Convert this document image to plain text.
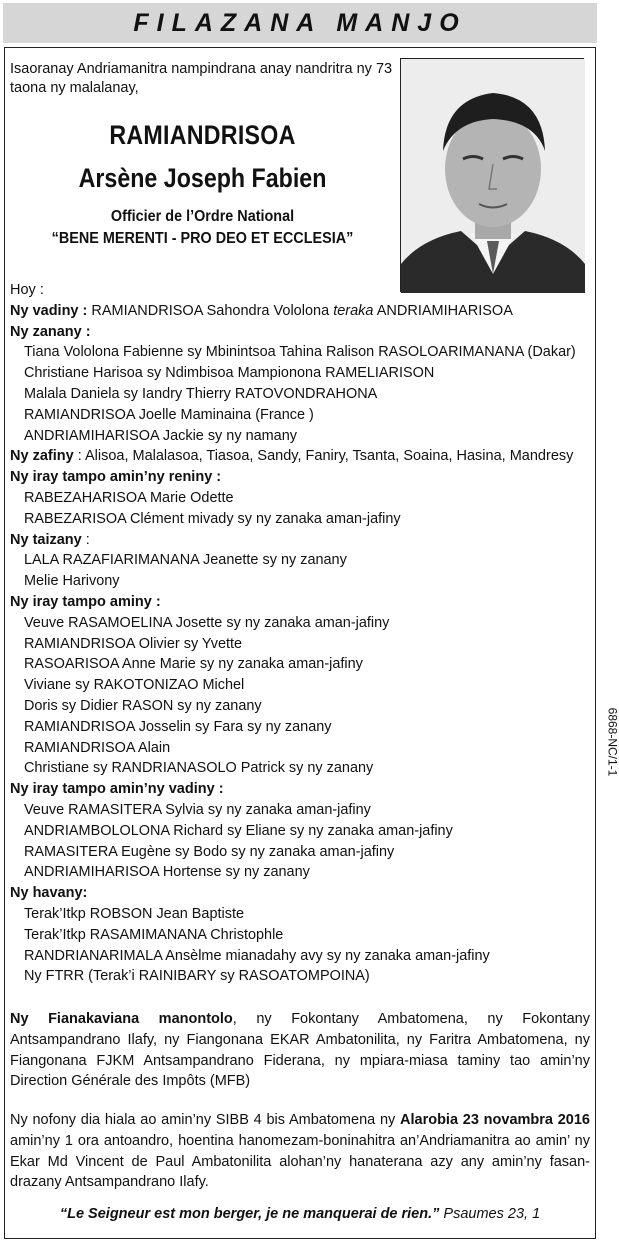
FILAZANA MANJO
Isaoranay Andriamanitra nampindrana anay nandritra ny 73 taona ny malalanay,
RAMIANDRISOA
Arsène Joseph Fabien
Officier de l’Ordre National
“BENE MERENTI - PRO DEO ET ECCLESIA”
Hoy :
Ny vadiny : RAMIANDRISOA Sahondra Vololona teraka ANDRIAMIHARISOA
Ny zanany :
Tiana Vololona Fabienne sy Mbinintsoa Tahina Ralison RASOLOARIMANANA (Dakar)
Christiane Harisoa sy Ndimbisoa Mampionona RAMELIARISON
Malala Daniela sy Iandry Thierry RATOVONDRAHONA
RAMIANDRISOA Joelle Maminaina (France )
ANDRIAMIHARISOA Jackie sy ny namany
Ny zafiny : Alisoa, Malalasoa, Tiasoa, Sandy, Faniry, Tsanta, Soaina, Hasina, Mandresy
Ny iray tampo amin’ny reniny :
RABEZAHARISOA Marie Odette
RABEZARISOA Clément mivady sy ny zanaka aman-jafiny
Ny taizany :
LALA RAZAFIARIMANANA Jeanette sy ny zanany
Melie Harivony
Ny iray tampo aminy :
Veuve RASAMOELINA Josette sy ny zanaka aman-jafiny
RAMIANDRISOA Olivier sy Yvette
RASOARISOA Anne Marie sy ny zanaka aman-jafiny
Viviane sy RAKOTONIZAO Michel
Doris sy Didier RASON sy ny zanany
RAMIANDRISOA Josselin sy Fara sy ny zanany
RAMIANDRISOA Alain
Christiane sy RANDRIANASOLO Patrick sy ny zanany
Ny iray tampo amin’ny vadiny :
Veuve RAMASITERA Sylvia sy ny zanaka aman-jafiny
ANDRIAMBOLOLONA Richard sy Eliane sy ny zanaka aman-jafiny
RAMASITERA Eugène sy Bodo sy ny zanaka aman-jafiny
ANDRIAMIHARISOA Hortense sy ny zanany
Ny havany:
Terak’Itkp ROBSON Jean Baptiste
Terak’Itkp RASAMIMANANA Christophle
RANDRIANARIMALA Ansèlme mianadahy avy sy ny zanaka aman-jafiny
Ny FTRR (Terak’i RAINIBARY sy RASOATOMPOINA)
6868-NC/1-1
Ny Fianakaviana manontolo, ny Fokontany Ambatomena, ny Fokontany Antsampandrano Ilafy, ny Fiangonana EKAR Ambatonilita, ny Faritra Ambatomena, ny Fiangonana FJKM Antsampandrano Fiderana, ny mpiara-miasa taminy tao amin’ny Direction Générale des Impôts (MFB)
Ny nofony dia hiala ao amin’ny SIBB 4 bis Ambatomena ny Alarobia 23 novambra 2016 amin’ny 1 ora antoandro, hoentina hanomezam-boninahitra an’Andriamanitra ao amin’ ny Ekar Md Vincent de Paul Ambatonilita alohan’ny hanaterana azy any amin’ny fasan-drazany Antsampandrano Ilafy.
“Le Seigneur est mon berger, je ne manquerai de rien.” Psaumes 23, 1
